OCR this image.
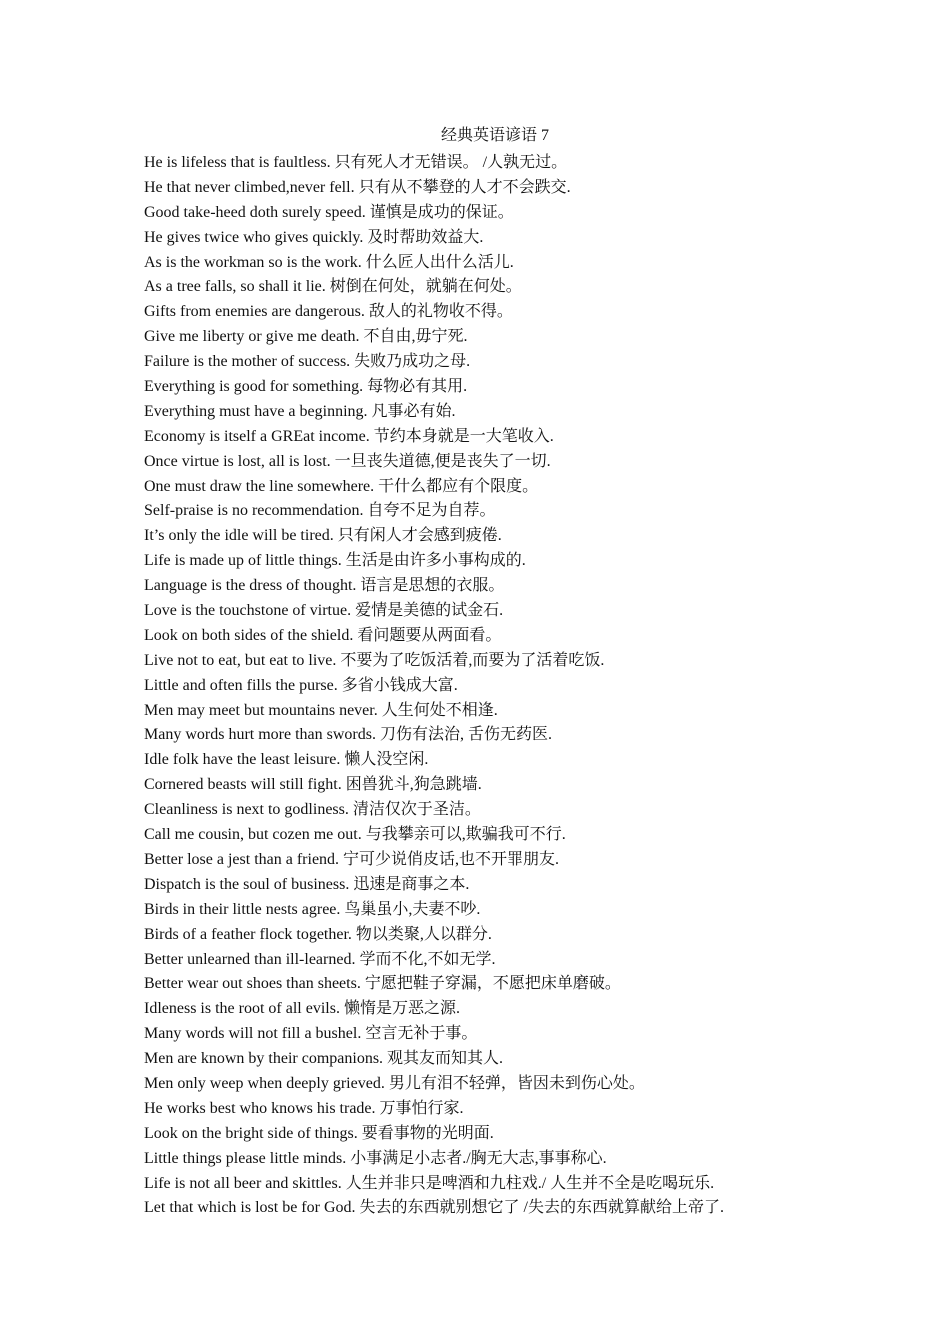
经典英语谚语 7
He is lifeless that is faultless. 只有死人才无错误。 /人孰无过。
He that never climbed,never fell. 只有从不攀登的人才不会跌交.
Good take-heed doth surely speed. 谨慎是成功的保证。
He gives twice who gives quickly. 及时帮助效益大.
As is the workman so is the work. 什么匠人出什么活儿.
As a tree falls, so shall it lie. 树倒在何处，就躺在何处。
Gifts from enemies are dangerous. 敌人的礼物收不得。
Give me liberty or give me death. 不自由,毋宁死.
Failure is the mother of success. 失败乃成功之母.
Everything is good for something. 每物必有其用.
Everything must have a beginning. 凡事必有始.
Economy is itself a GREat income. 节约本身就是一大笔收入.
Once virtue is lost, all is lost. 一旦丧失道德,便是丧失了一切.
One must draw the line somewhere. 干什么都应有个限度。
Self-praise is no recommendation. 自夸不足为自荐。
It’s only the idle will be tired. 只有闲人才会感到疲倦.
Life is made up of little things. 生活是由许多小事构成的.
Language is the dress of thought. 语言是思想的衣服。
Love is the touchstone of virtue. 爱情是美德的试金石.
Look on both sides of the shield. 看问题要从两面看。
Live not to eat, but eat to live. 不要为了吃饭活着,而要为了活着吃饭.
Little and often fills the purse. 多省小钱成大富.
Men may meet but mountains never. 人生何处不相逢.
Many words hurt more than swords. 刀伤有法治, 舌伤无药医.
Idle folk have the least leisure. 懒人没空闲.
Cornered beasts will still fight. 困兽犹斗,狗急跳墙.
Cleanliness is next to godliness. 清洁仅次于圣洁。
Call me cousin, but cozen me out. 与我攀亲可以,欺骗我可不行.
Better lose a jest than a friend. 宁可少说俏皮话,也不开罪朋友.
Dispatch is the soul of business. 迅速是商事之本.
Birds in their little nests agree. 鸟巢虽小,夫妻不吵.
Birds of a feather flock together. 物以类聚,人以群分.
Better unlearned than ill-learned. 学而不化,不如无学.
Better wear out shoes than sheets. 宁愿把鞋子穿漏，不愿把床单磨破。
Idleness is the root of all evils. 懒惰是万恶之源.
Many words will not fill a bushel. 空言无补于事。
Men are known by their companions. 观其友而知其人.
Men only weep when deeply grieved. 男儿有泪不轻弹，皆因未到伤心处。
He works best who knows his trade. 万事怕行家.
Look on the bright side of things. 要看事物的光明面.
Little things please little minds. 小事满足小志者./胸无大志,事事称心.
Life is not all beer and skittles. 人生并非只是啤酒和九柱戏./ 人生并不全是吃喝玩乐.
Let that which is lost be for God. 失去的东西就别想它了 /失去的东西就算献给上帝了.
